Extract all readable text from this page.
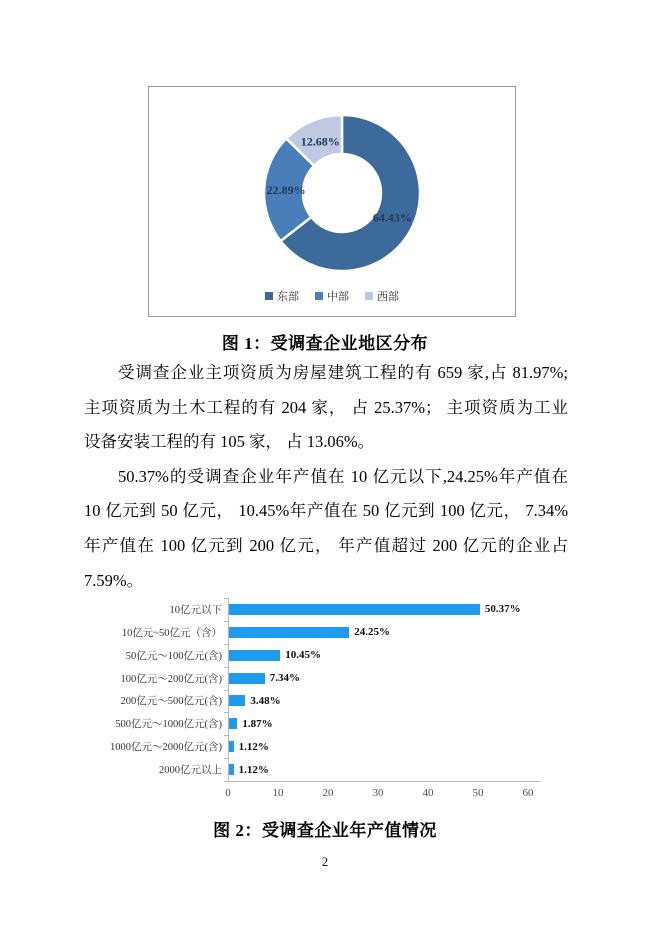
64.43%
22.89%
12.68%
东部	中部	西部
图 1：受调查企业地区分布
受调查企业主项资质为房屋建筑工程的有 659 家,占 81.97%;
主项资质为土木工程的有 204 家， 占 25.37%； 主项资质为工业
设备安装工程的有 105 家， 占 13.06%。
50.37%的受调查企业年产值在 10 亿元以下,24.25%年产值在
10 亿元到 50 亿元， 10.45%年产值在 50 亿元到 100 亿元， 7.34%
年产值在 100 亿元到 200 亿元， 年产值超过 200 亿元的企业占
7.59%。
10亿元以下	50.37%
10亿元~50亿元（含）	24.25%
50亿元～100亿元(含)	10.45%
100亿元～200亿元(含)	7.34%
200亿元～500亿元(含)	3.48%
500亿元～1000亿元(含)	1.87%
1000亿元～2000亿元(含)	1.12%
2000亿元以上	1.12%
0	10	20	30	40	50	60
图 2：受调查企业年产值情况
2
